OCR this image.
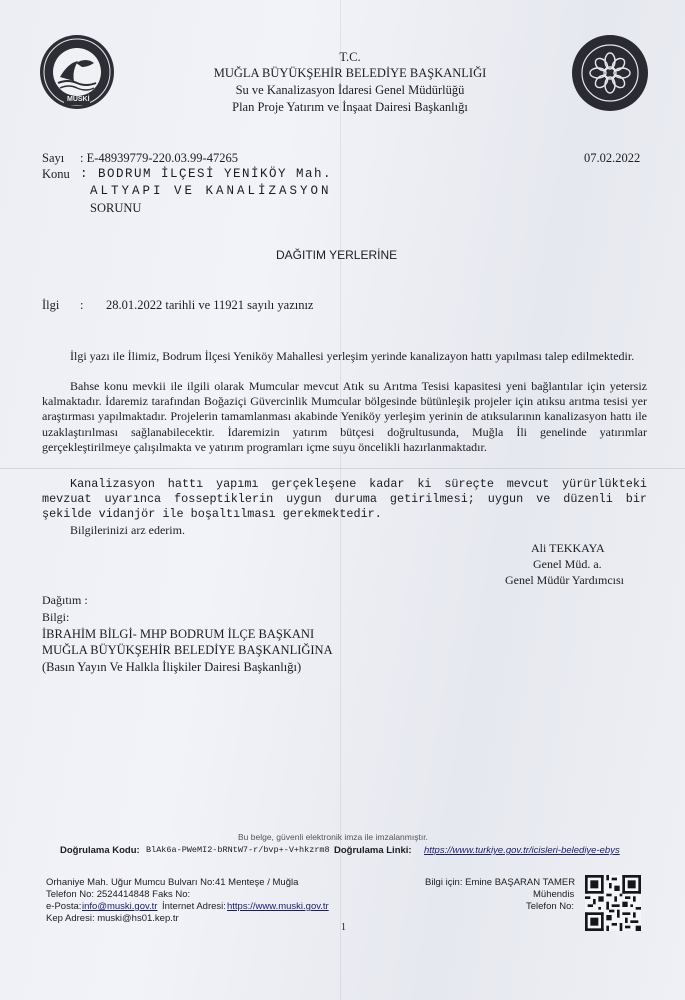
MUSKİ
T.C.
MUĞLA BÜYÜKŞEHİR BELEDİYE BAŞKANLIĞI
Su ve Kanalizasyon İdaresi Genel Müdürlüğü
Plan Proje Yatırım ve İnşaat Dairesi Başkanlığı
Sayı : E-48939779-220.03.99-47265	07.02.2022
Konu : BODRUM İLÇESİ YENİKÖY Mah.
ALTYAPI VE KANALİZASYON
SORUNU
DAĞITIM YERLERİNE
İlgi : 28.01.2022 tarihli ve 11921 sayılı yazınız
İlgi yazı ile İlimiz, Bodrum İlçesi Yeniköy Mahallesi yerleşim yerinde kanalizayon hattı yapılması talep edilmektedir.
Bahse konu mevkii ile ilgili olarak Mumcular mevcut Atık su Arıtma Tesisi kapasitesi yeni bağlantılar için yetersiz kalmaktadır. İdaremiz tarafından Boğaziçi Güvercinlik Mumcular bölgesinde bütünleşik projeler için atıksu arıtma tesisi yer araştırması yapılmaktadır. Projelerin tamamlanması akabinde Yeniköy yerleşim yerinin de atıksularının kanalizasyon hattı ile uzaklaştırılması sağlanabilecektir. İdaremizin yatırım bütçesi doğrultusunda, Muğla İli genelinde yatırımlar gerçekleştirilmeye çalışılmakta ve yatırım programları içme suyu öncelikli hazırlanmaktadır.
Kanalizasyon hattı yapımı gerçekleşene kadar ki süreçte mevcut yürürlükteki mevzuat uyarınca fosseptiklerin uygun duruma getirilmesi; uygun ve düzenli bir şekilde vidanjör ile boşaltılması gerekmektedir.
Bilgilerinizi arz ederim.
Ali TEKKAYA
Genel Müd. a.
Genel Müdür Yardımcısı
Dağıtım :
Bilgi:
İBRAHİM BİLGİ- MHP BODRUM İLÇE BAŞKANI
MUĞLA BÜYÜKŞEHİR BELEDİYE BAŞKANLIĞINA
(Basın Yayın Ve Halkla İlişkiler Dairesi Başkanlığı)
Bu belge, güvenli elektronik imza ile imzalanmıştır.
Doğrulama Kodu: BlAk6a-PWeMI2-bRNtW7-r/bvp+-V+hkzrm8 Doğrulama Linki: https://www.turkiye.gov.tr/icisleri-belediye-ebys
Orhaniye Mah. Uğur Mumcu Bulvarı No:41 Menteşe / Muğla
Telefon No: 2524414848 Faks No:
e-Posta: info@muski.gov.tr İnternet Adresi: https://www.muski.gov.tr
Kep Adresi: muski@hs01.kep.tr
Bilgi için: Emine BAŞARAN TAMER
Mühendis
Telefon No:
1
